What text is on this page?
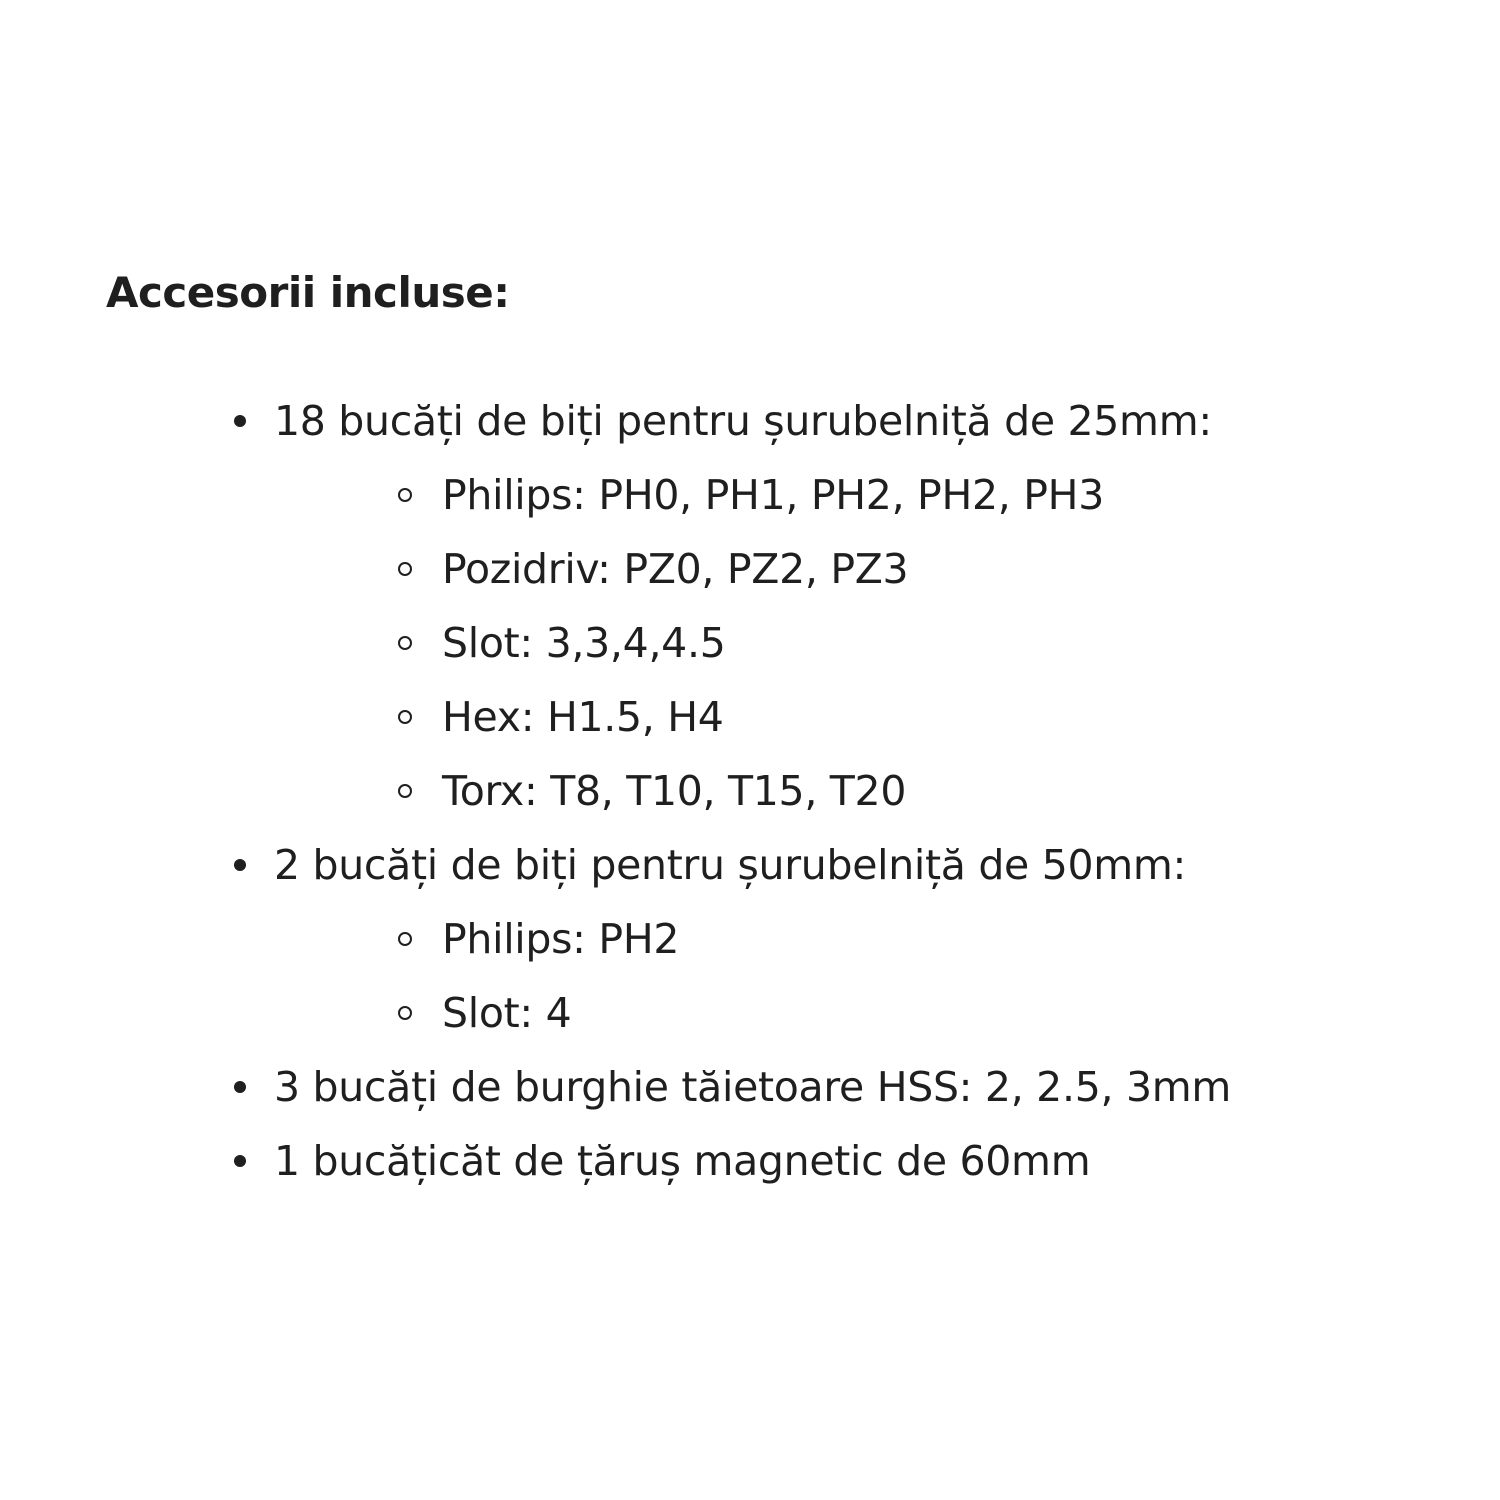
Accesorii incluse:
18 bucăți de biți pentru șurubelniță de 25mm:
Philips: PH0, PH1, PH2, PH2, PH3
Pozidriv: PZ0, PZ2, PZ3
Slot: 3,3,4,4.5
Hex: H1.5, H4
Torx: T8, T10, T15, T20
2 bucăți de biți pentru șurubelniță de 50mm:
Philips: PH2
Slot: 4
3 bucăți de burghie tăietoare HSS: 2, 2.5, 3mm
1 bucățicăt de țăruș magnetic de 60mm
